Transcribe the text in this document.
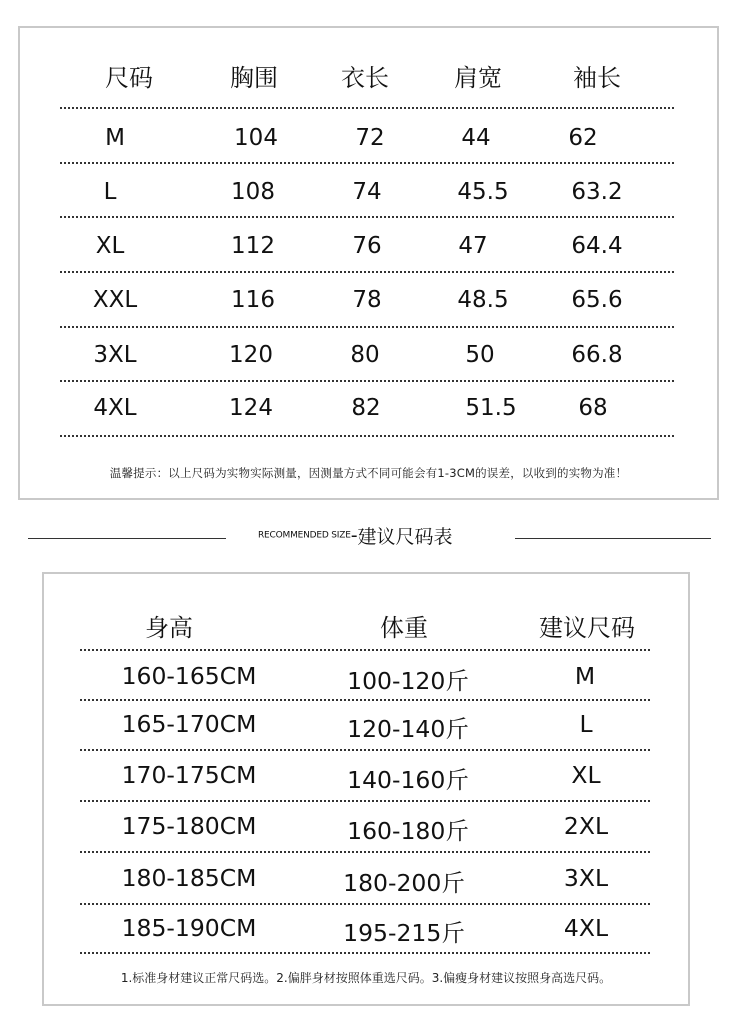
尺码	胸围	衣长	肩宽	袖长
M	104	72	44	62
L	108	74	45.5	63.2
XL	112	76	47	64.4
XXL	116	78	48.5	65.6
3XL	120	80	50	66.8
4XL	124	82	51.5	68
温馨提示：以上尺码为实物实际测量，因测量方式不同可能会有1-3CM的误差，以收到的实物为准！
RECOMMENDED SIZE-建议尺码表
身高	体重	建议尺码
160-165CM	100-120斤	M
165-170CM	120-140斤	L
170-175CM	140-160斤	XL
175-180CM	160-180斤	2XL
180-185CM	180-200斤	3XL
185-190CM	195-215斤	4XL
1.标准身材建议正常尺码选。2.偏胖身材按照体重选尺码。3.偏瘦身材建议按照身高选尺码。
